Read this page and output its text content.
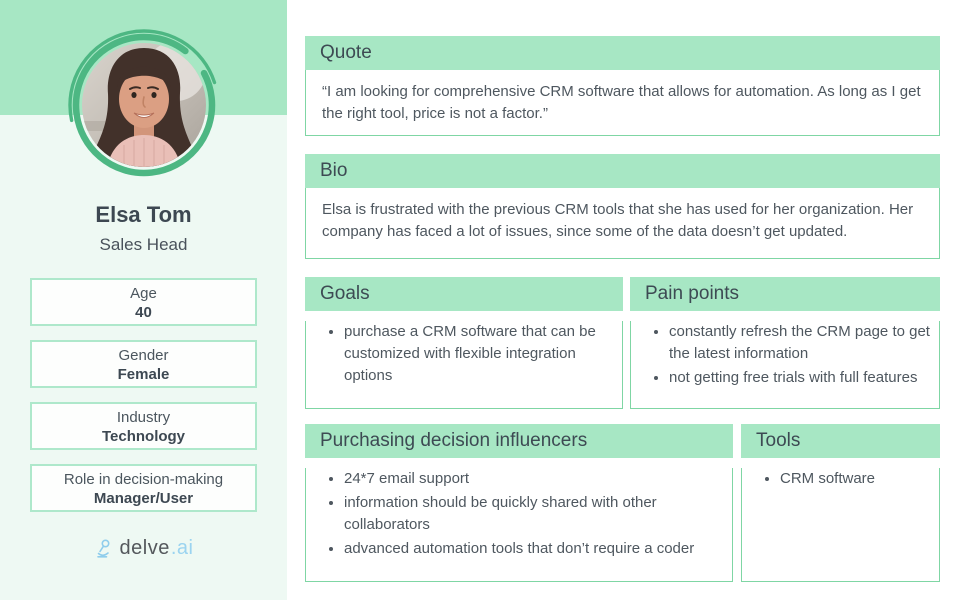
Elsa Tom
Sales Head
Age
40
Gender
Female
Industry
Technology
Role in decision-making
Manager/User
delve .ai
Quote
“I am looking for comprehensive CRM software that allows for automation. As long as I get the right tool, price is not a factor.”
Bio
Elsa is frustrated with the previous CRM tools that she has used for her organization. Her company has faced a lot of issues, since some of the data doesn’t get updated.
Goals
• purchase a CRM software that can be customized with flexible integration options
Pain points
• constantly refresh the CRM page to get the latest information
• not getting free trials with full features
Purchasing decision influencers
• 24*7 email support
• information should be quickly shared with other collaborators
• advanced automation tools that don’t require a coder
Tools
• CRM software
